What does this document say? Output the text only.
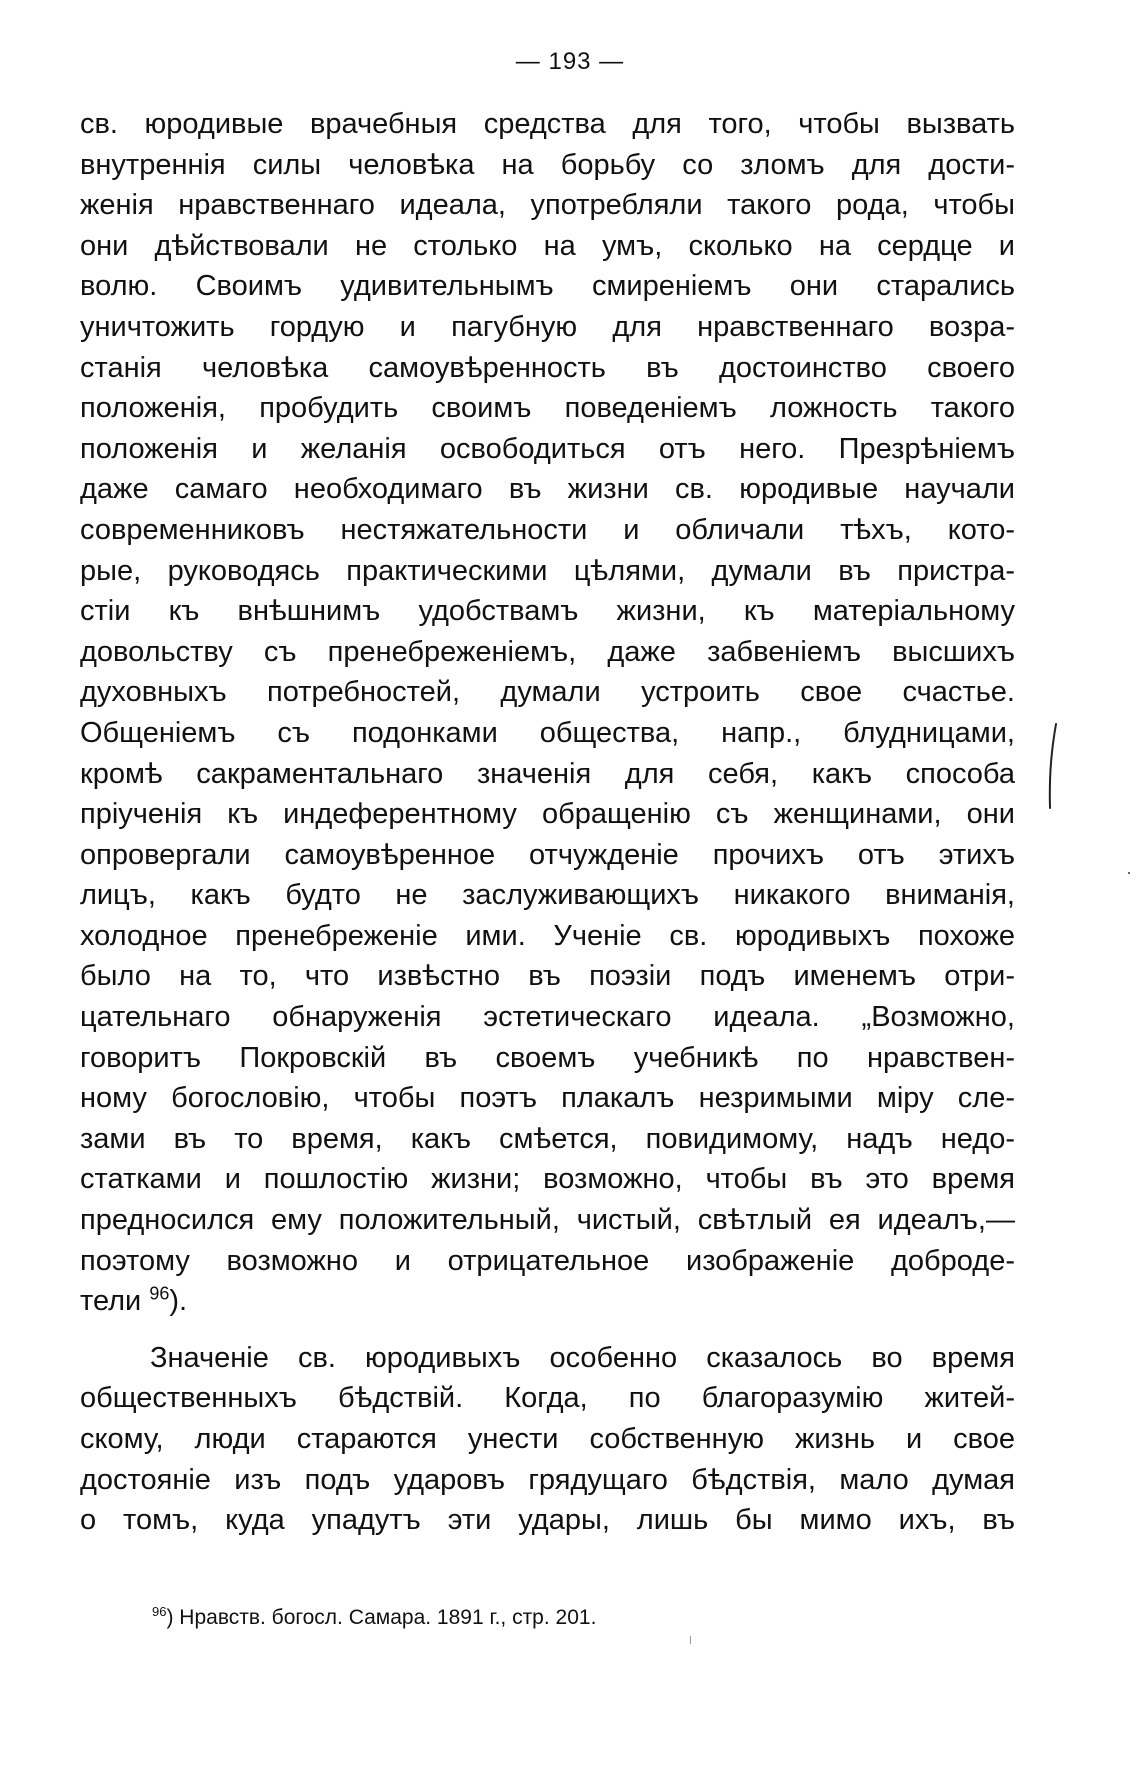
— 193 —
св. юродивые врачебныя средства для того, чтобы вызвать
внутреннія силы человѣка на борьбу со зломъ для дости-
женія нравственнаго идеала, употребляли такого рода, чтобы
они дѣйствовали не столько на умъ, сколько на сердце и
волю. Своимъ удивительнымъ смиреніемъ они старались
уничтожить гордую и пагубную для нравственнаго возра-
станія человѣка самоувѣренность въ достоинство своего
положенія, пробудить своимъ поведеніемъ ложность такого
положенія и желанія освободиться отъ него. Презрѣніемъ
даже самаго необходимаго въ жизни св. юродивые научали
современниковъ нестяжательности и обличали тѣхъ, кото-
рые, руководясь практическими цѣлями, думали въ пристра-
стіи къ внѣшнимъ удобствамъ жизни, къ матеріальному
довольству съ пренебреженіемъ, даже забвеніемъ высшихъ
духовныхъ потребностей, думали устроить свое счастье.
Общеніемъ съ подонками общества, напр., блудницами,
кромѣ сакраментальнаго значенія для себя, какъ способа
пріученія къ индеферентному обращенію съ женщинами, они
опровергали самоувѣренное отчужденіе прочихъ отъ этихъ
лицъ, какъ будто не заслуживающихъ никакого вниманія,
холодное пренебреженіе ими. Ученіе св. юродивыхъ похоже
было на то, что извѣстно въ поэзіи подъ именемъ отри-
цательнаго обнаруженія эстетическаго идеала. „Возможно,
говоритъ Покровскій въ своемъ учебникѣ по нравствен-
ному богословію, чтобы поэтъ плакалъ незримыми міру сле-
зами въ то время, какъ смѣется, повидимому, надъ недо-
статками и пошлостію жизни; возможно, чтобы въ это время
предносился ему положительный, чистый, свѣтлый ея идеалъ,—
поэтому возможно и отрицательное изображеніе доброде-
тели $^{96}$).
Значеніе св. юродивыхъ особенно сказалось во время
общественныхъ бѣдствій. Когда, по благоразумію житей-
скому, люди стараются унести собственную жизнь и свое
достояніе изъ подъ ударовъ грядущаго бѣдствія, мало думая
о томъ, куда упадутъ эти удары, лишь бы мимо ихъ, въ
$^{96}$) Нравств. богосл. Самара. 1891 г., стр. 201.
